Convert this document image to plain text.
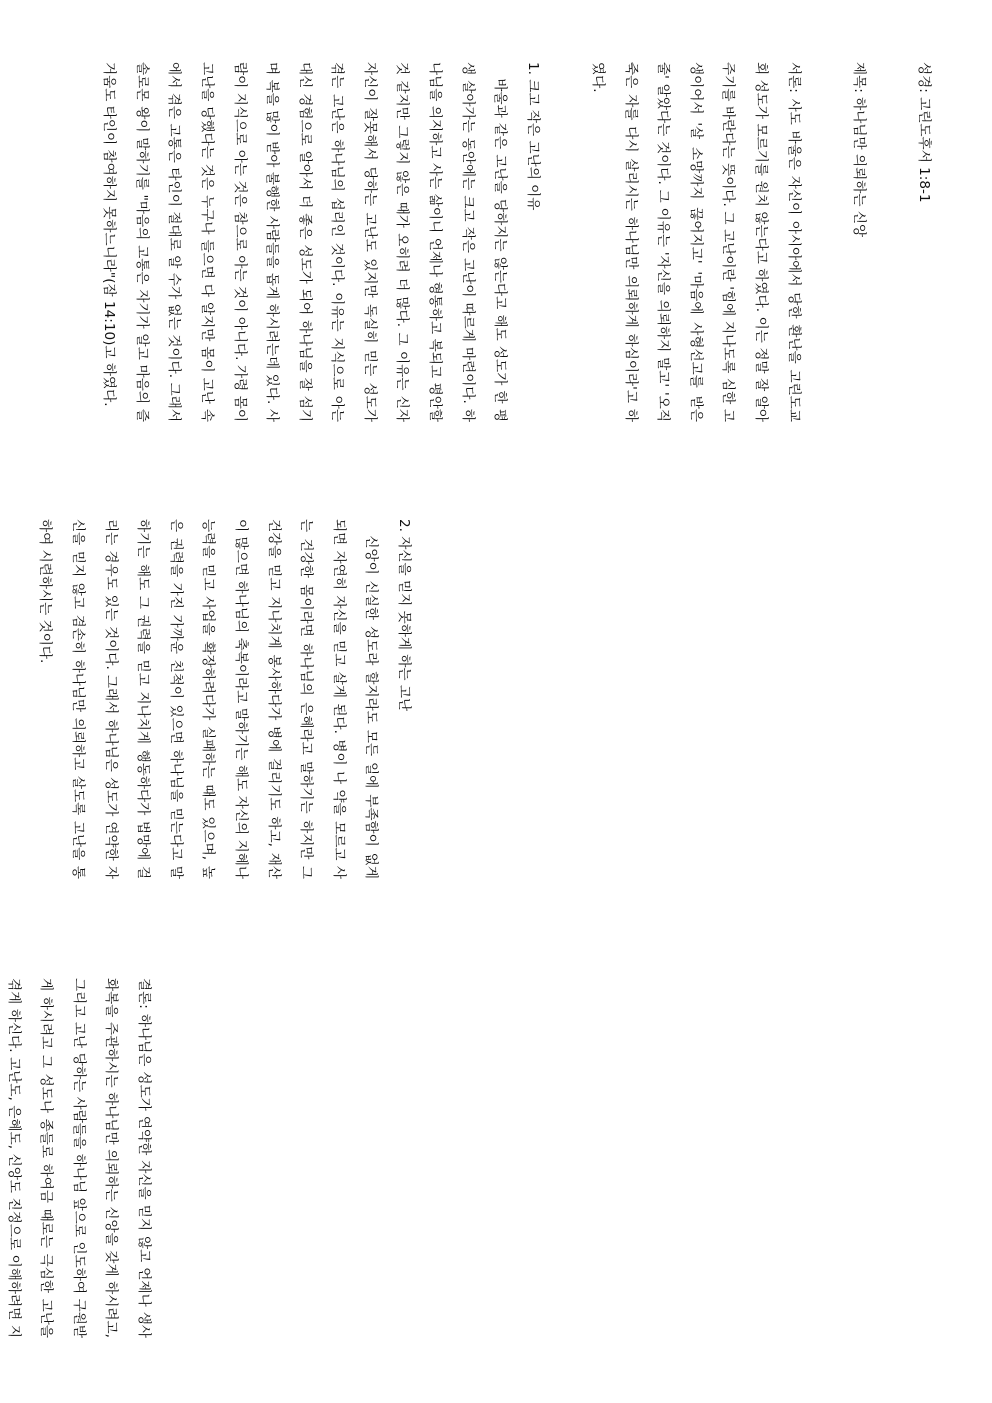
성경: 고린도후서 1:8-1

제목: 하나님만 의뢰하는 신앙

서론: 사도 바울은 자신이 아시아에서 당한 환난을 고린도교회 성도가 모르기를 원치 않는다고 하였다. 이는 정말 잘 알아주기를 바란다는 뜻이다. 그 고난이란 '힘에 지나도록 심한 고생이어서 '살 소망까지 끊어지고' '마음에 사형선고를 받은 줄' 알았다는 것이다. 그 이유는 '자신을 의뢰하지 말고' '오직 죽은 자를 다시 살리시는 하나님만 의뢰하게 하심이라'고 하였다.

1. 크고 작은 고난의 이유

바울과 같은 고난을 당하지는 않는다고 해도 성도가 한 평생 살아가는 동안에는 크고 작은 고난이 따르게 마련이다. 하나님을 의지하고 사는 삶이니 언제나 형통하고 복되고 평안할 것 같지만 그렇지 않은 때가 오히려 더 많다. 그 이유는 신자 자신이 잘못해서 당하는 고난도 있지만 독실히 믿는 성도가 겪는 고난은 하나님의 섭리인 것이다. 이유는 지식으로 아는 대신 경험으로 알아서 더 좋은 성도가 되어 하나님을 잘 섬기며 복을 많이 받아 불행한 사람들을 돕게 하시려는데 있다. 사람이 지식으로 아는 것은 참으로 아는 것이 아니다. 가령 몸이 고난을 당했다는 것은 누구나 들으면 다 알지만 몸이 고난 속에서 겪은 고통은 타인이 절대로 알 수가 없는 것이다. 그래서 솔로몬 왕이 말하기를 "마음의 고통은 자기가 알고 마음의 즐거움도 타인이 참여하지 못하느니라"(잠 14:10)고 하였다.

2. 자신을 믿지 못하게 하는 고난

신앙이 신실한 성도라 할지라도 모든 일에 부족함이 없게 되면 자연히 자신을 믿고 살게 된다. 병이 나 약을 모르고 사는 건강한 몸이라면 하나님의 은혜라고 말하기는 하지만 그 건강을 믿고 지나치게 봉사하다가 병에 걸리기도 하고, 재산이 많으면 하나님의 축복이라고 말하기는 해도 자신의 지혜나 능력을 믿고 사업을 확장하려다가 실패하는 때도 있으며, 높은 권력을 가진 가까운 친척이 있으면 하나님을 믿는다고 말하기는 해도 그 권력을 믿고 지나치게 행동하다가 법망에 걸리는 경우도 있는 것이다. 그래서 하나님은 성도가 연약한 자신을 믿지 않고 겸손히 하나님만 의뢰하고 살도록 고난을 통하여 시련하시는 것이다.

결론: 하나님은 성도가 연약한 자신을 믿지 않고 언제나 생사화복을 주관하시는 하나님만 의뢰하는 신앙을 갖게 하시려고, 그리고 고난 당하는 사람들을 하나님 앞으로 인도하여 구원받게 하시려고 그 성도나 종들로 하여금 때로는 극심한 고난을 겪게 하신다. 고난도, 은혜도, 신앙도 진정으로 이해하려면 지
